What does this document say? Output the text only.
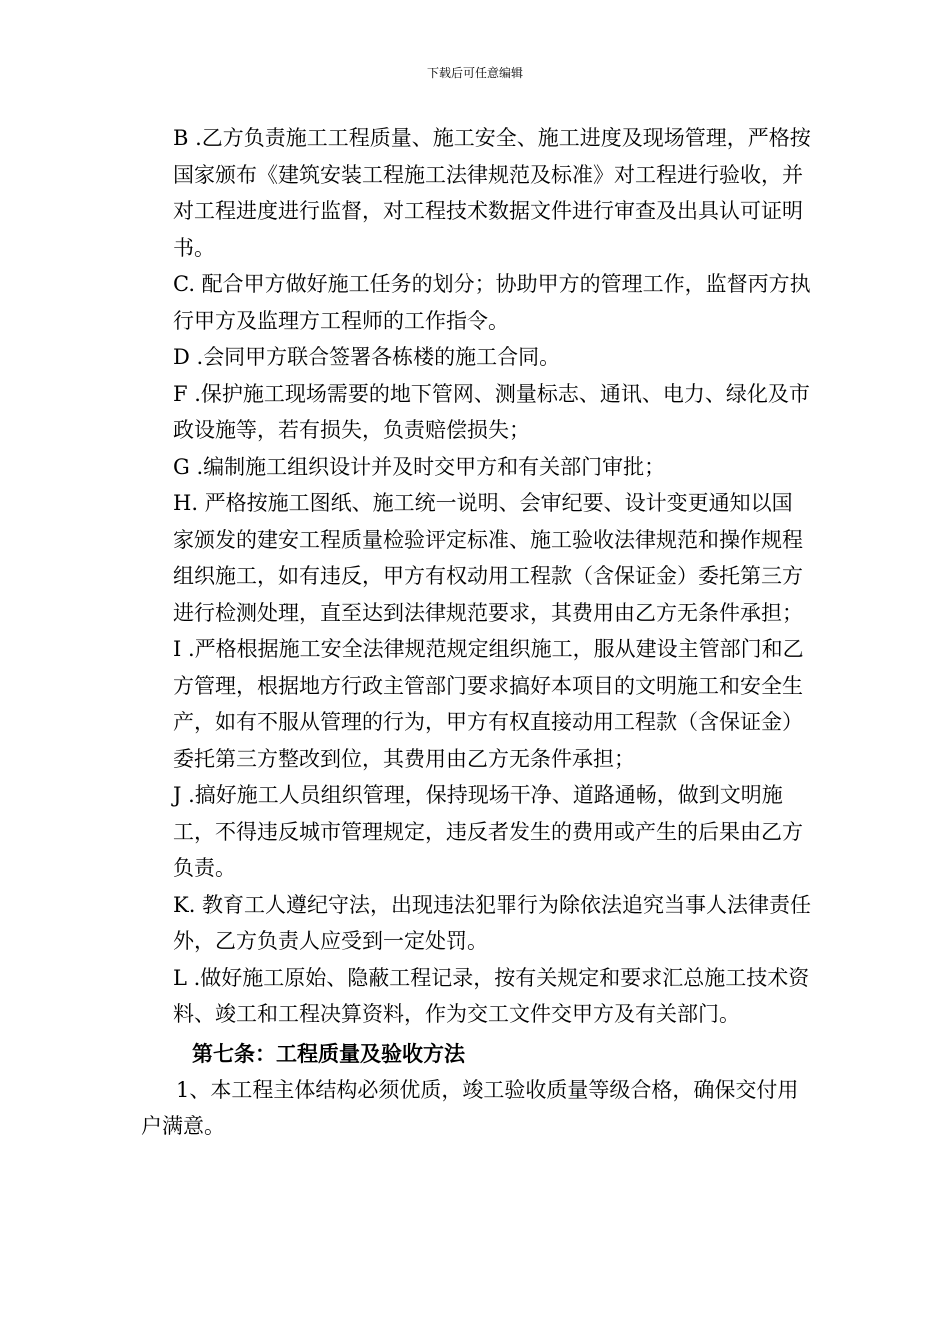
下载后可任意编辑

B .乙方负责施工工程质量、施工安全、施工进度及现场管理，严格按国家颁布《建筑安装工程施工法律规范及标准》对工程进行验收，并对工程进度进行监督，对工程技术数据文件进行审查及出具认可证明书。

C. 配合甲方做好施工任务的划分；协助甲方的管理工作，监督丙方执行甲方及监理方工程师的工作指令。

D .会同甲方联合签署各栋楼的施工合同。

F .保护施工现场需要的地下管网、测量标志、通讯、电力、绿化及市政设施等，若有损失，负责赔偿损失；

G .编制施工组织设计并及时交甲方和有关部门审批；

H. 严格按施工图纸、施工统一说明、会审纪要、设计变更通知以国家颁发的建安工程质量检验评定标准、施工验收法律规范和操作规程组织施工，如有违反，甲方有权动用工程款（含保证金）委托第三方进行检测处理，直至达到法律规范要求，其费用由乙方无条件承担；

I .严格根据施工安全法律规范规定组织施工，服从建设主管部门和乙方管理，根据地方行政主管部门要求搞好本项目的文明施工和安全生产，如有不服从管理的行为，甲方有权直接动用工程款（含保证金）委托第三方整改到位，其费用由乙方无条件承担；

J .搞好施工人员组织管理，保持现场干净、道路通畅，做到文明施工，不得违反城市管理规定，违反者发生的费用或产生的后果由乙方负责。

K. 教育工人遵纪守法，出现违法犯罪行为除依法追究当事人法律责任外，乙方负责人应受到一定处罚。

L .做好施工原始、隐蔽工程记录，按有关规定和要求汇总施工技术资料、竣工和工程决算资料，作为交工文件交甲方及有关部门。

第七条：工程质量及验收方法

1、本工程主体结构必须优质，竣工验收质量等级合格，确保交付用户满意。
